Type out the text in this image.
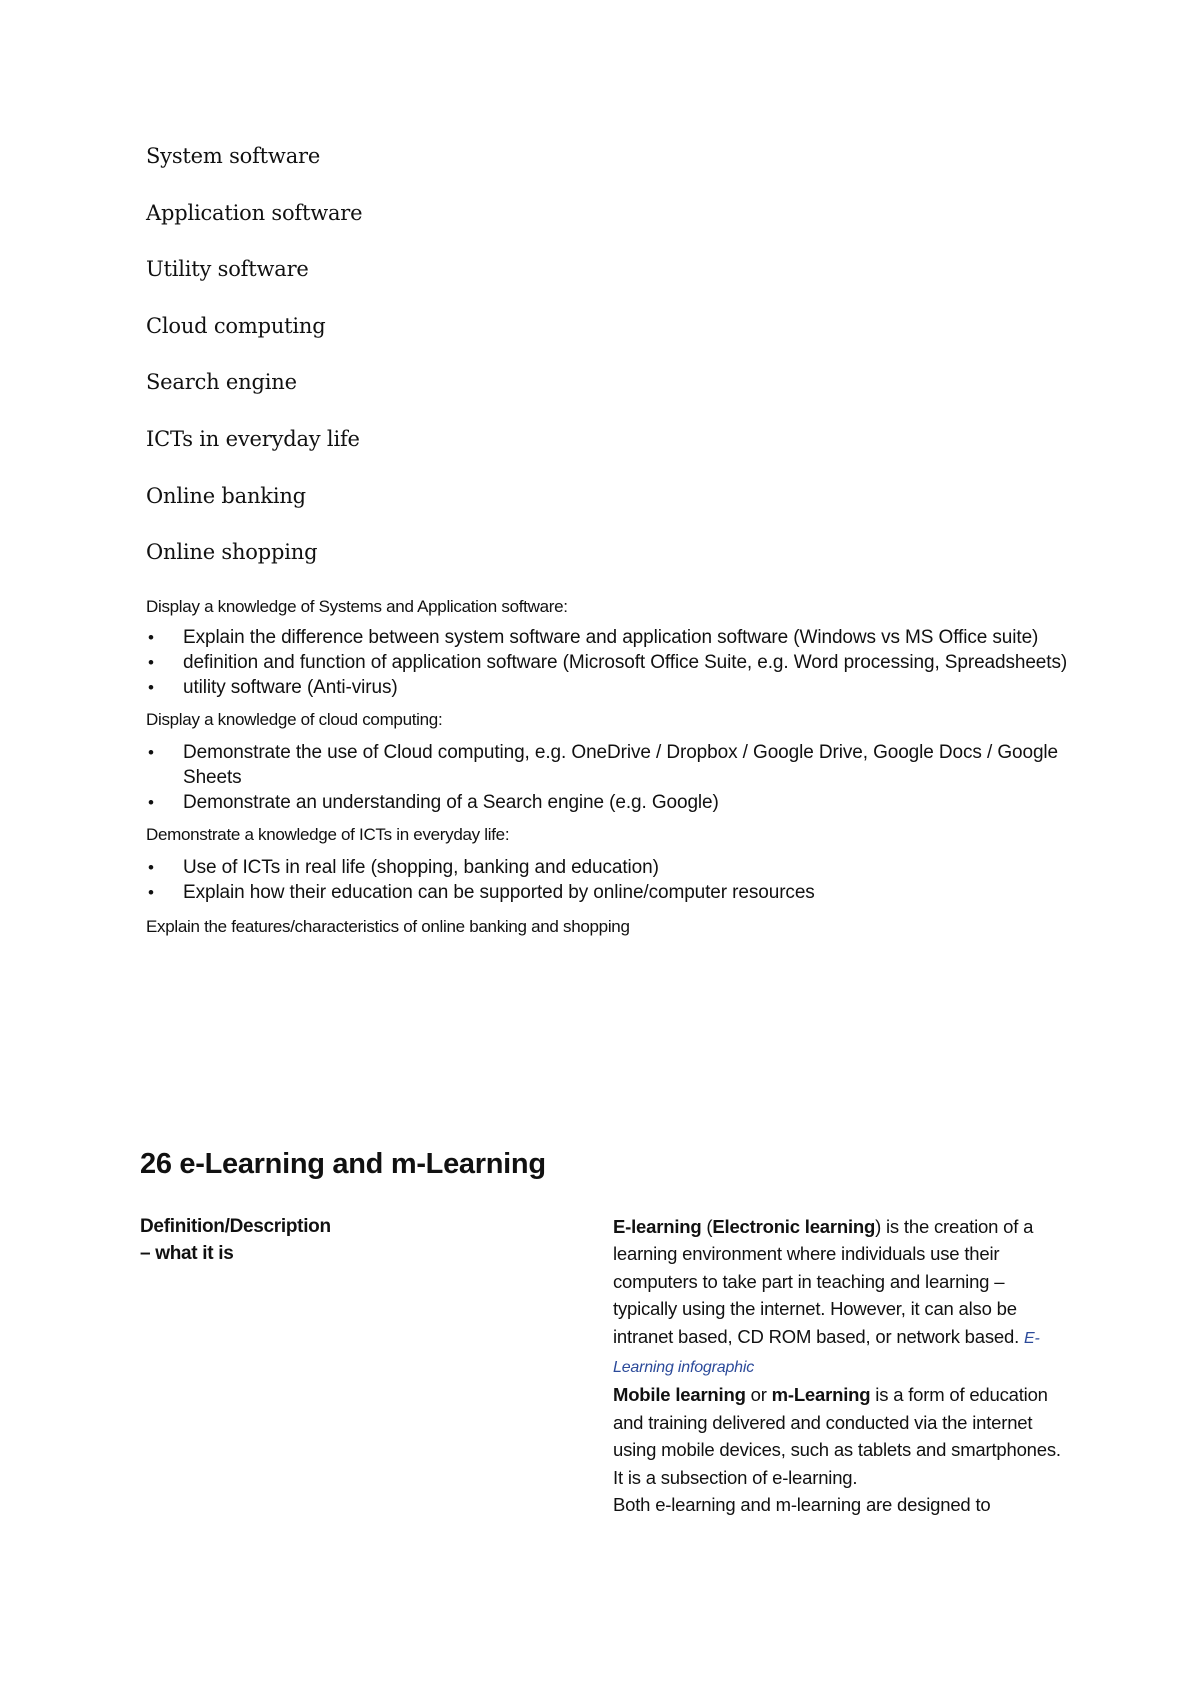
System software
Application software
Utility software
Cloud computing
Search engine
ICTs in everyday life
Online banking
Online shopping

Display a knowledge of Systems and Application software:

• Explain the difference between system software and application software (Windows vs MS Office suite)
• definition and function of application software (Microsoft Office Suite, e.g. Word processing, Spreadsheets)
• utility software (Anti-virus)

Display a knowledge of cloud computing:

• Demonstrate the use of Cloud computing, e.g. OneDrive / Dropbox / Google Drive, Google Docs / Google Sheets
• Demonstrate an understanding of a Search engine (e.g. Google)

Demonstrate a knowledge of ICTs in everyday life:

• Use of ICTs in real life (shopping, banking and education)
• Explain how their education can be supported by online/computer resources

Explain the features/characteristics of online banking and shopping

26 e-Learning and m-Learning
Definition/Description
– what it is

E-learning (Electronic learning) is the creation of a learning environment where individuals use their computers to take part in teaching and learning – typically using the internet. However, it can also be intranet based, CD ROM based, or network based. E-Learning infographic

Mobile learning or m-Learning is a form of education and training delivered and conducted via the internet using mobile devices, such as tablets and smartphones. It is a subsection of e-learning.

Both e-learning and m-learning are designed to
